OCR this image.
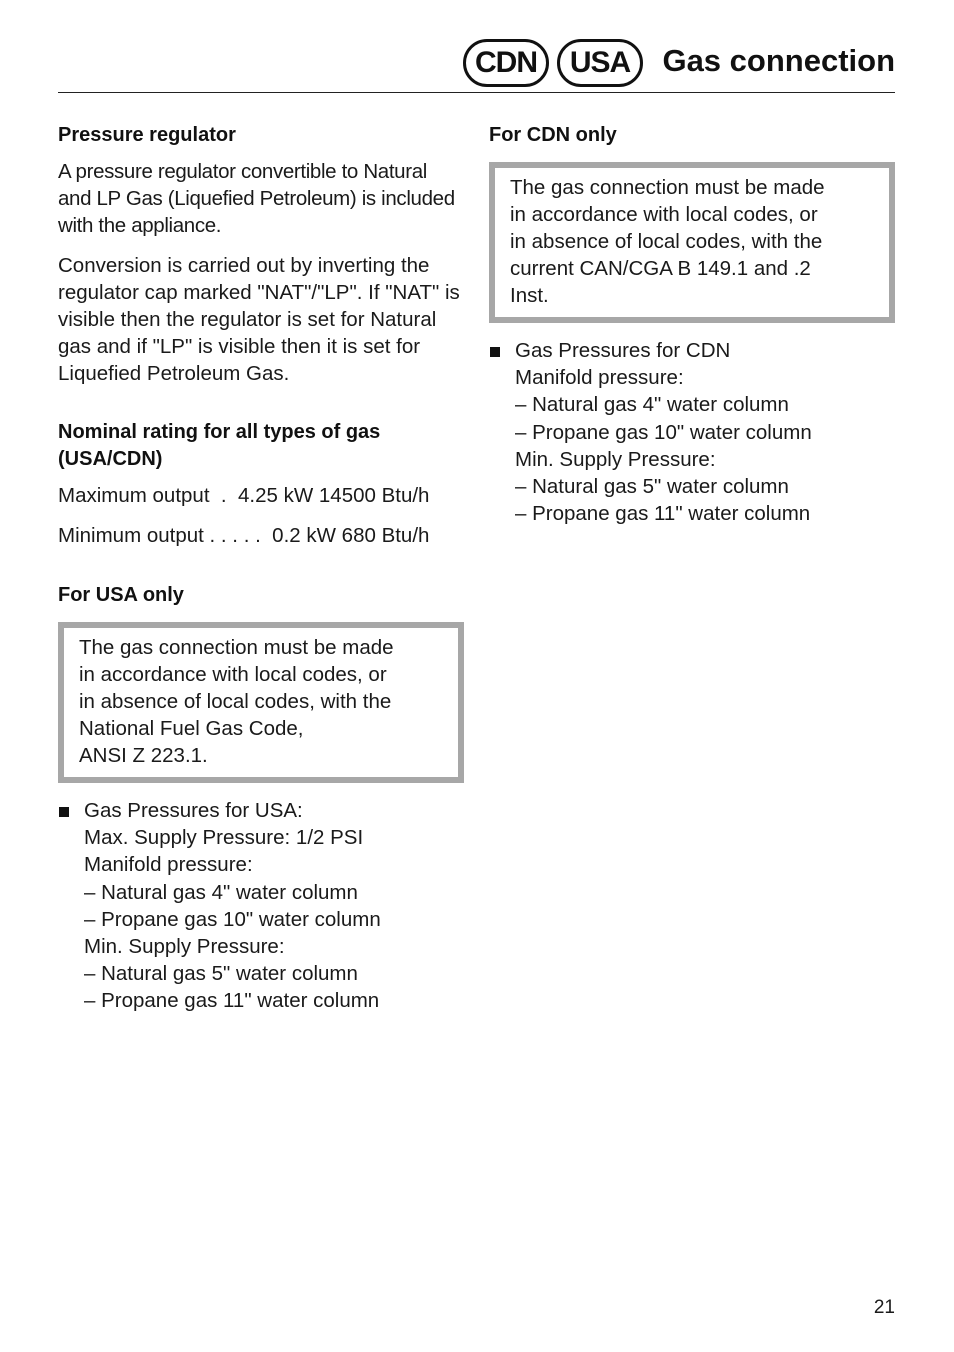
CDN	USA	Gas connection
Pressure regulator

A pressure regulator convertible to Natural and LP Gas (Liquefied Petroleum) is included with the appliance.

Conversion is carried out by inverting the regulator cap marked "NAT"/"LP". If "NAT" is visible then the regulator is set for Natural gas and if "LP" is visible then it is set for Liquefied Petroleum Gas.

Nominal rating for all types of gas (USA/CDN)
Maximum output  .  4.25 kW 14500 Btu/h
Minimum output . . . . .  0.2 kW 680 Btu/h
For USA only
The gas connection must be made
in accordance with local codes, or
in absence of local codes, with the
National Fuel Gas Code,
ANSI Z 223.1.
Gas Pressures for USA:
Max. Supply Pressure: 1/2 PSI
Manifold pressure:
– Natural gas 4" water column
– Propane gas 10" water column
Min. Supply Pressure:
– Natural gas 5" water column
– Propane gas 11" water column
For CDN only
The gas connection must be made
in accordance with local codes, or
in absence of local codes, with the
current CAN/CGA B 149.1 and .2
Inst.
Gas Pressures for CDN
Manifold pressure:
– Natural gas 4" water column
– Propane gas 10" water column
Min. Supply Pressure:
– Natural gas 5" water column
– Propane gas 11" water column
21
